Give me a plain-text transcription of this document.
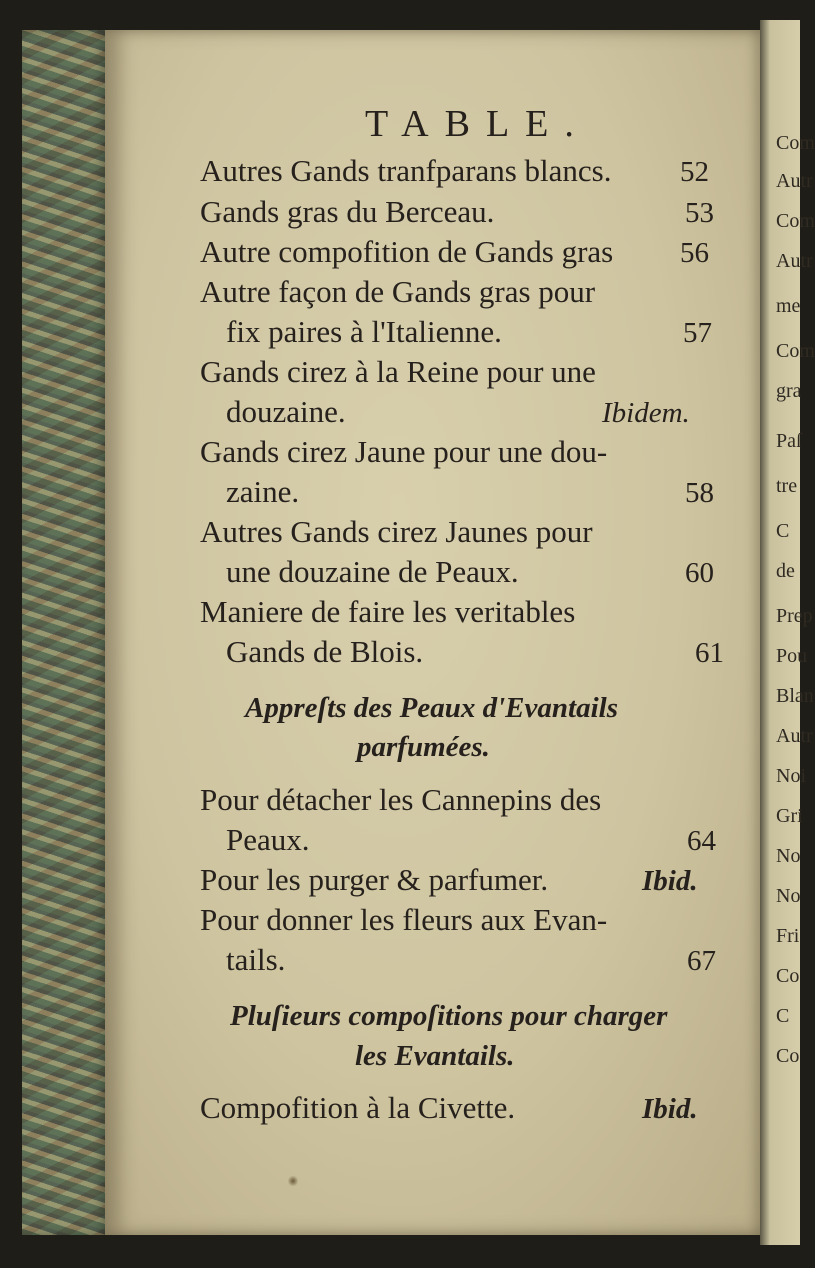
TABLE.
Autres Gands tranfparans blancs. 52
Gands gras du Berceau.	53
Autre compofition de Gands gras 56
Autre façon de Gands gras pour
fix paires à l'Italienne.	57
Gands cirez à la Reine pour une
douzaine.	Ibidem.
Gands cirez Jaune pour une dou-
zaine.	58
Autres Gands cirez Jaunes pour
une douzaine de Peaux.	60
Maniere de faire les veritables
Gands de Blois.	61
Appreſts des Peaux d'Evantails
parfumées.
Pour détacher les Cannepins des
Peaux.	64
Pour les purger & parfumer.	Ibid.
Pour donner les fleurs aux Evan-
tails.	67
Pluſieurs compoſitions pour charger
les Evantails.
Compofition à la Civette.	Ibid.
Com
Autr
Com
Autr
me
Com
gra
Paſ
tre
C
de
Prep
Pou
Blan
Autr
Noi
Gri
No
No
Fri
Co
C
Co
